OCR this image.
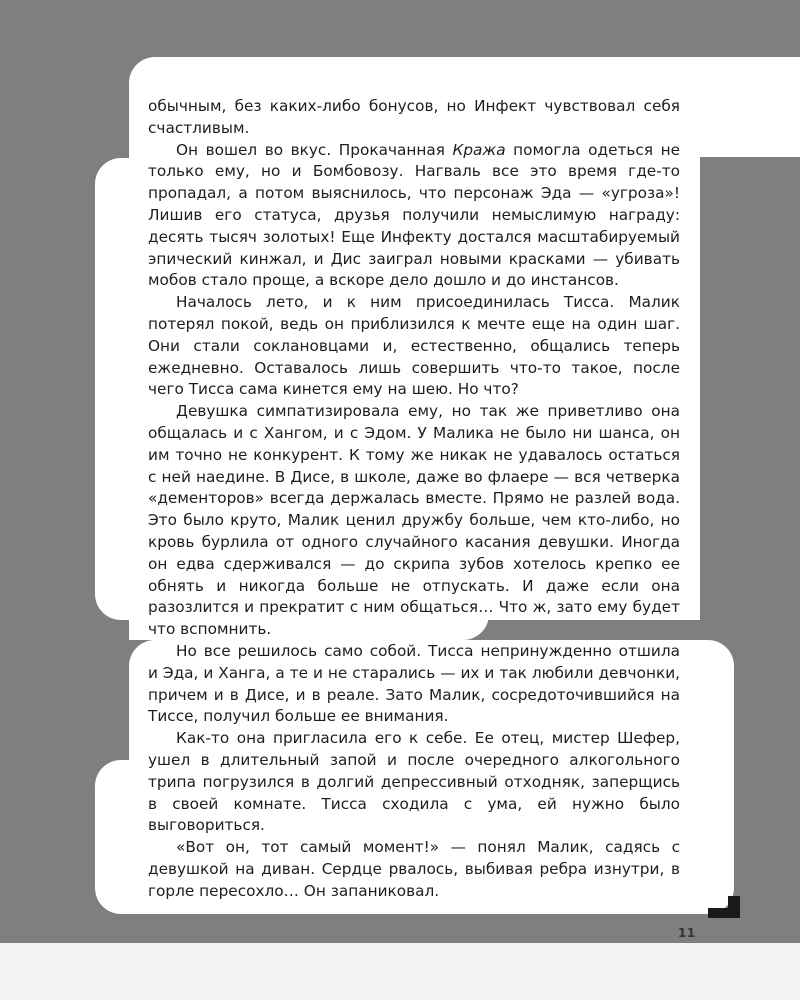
обычным, без каких-либо бонусов, но Инфект чувствовал себя счастливым.

Он вошел во вкус. Прокачанная Кража помогла одеться не только ему, но и Бомбовозу. Нагваль все это время где-то пропадал, а потом выяснилось, что персонаж Эда — «угроза»! Лишив его статуса, друзья получили немыслимую награду: десять тысяч золотых! Еще Инфекту достался масштабируемый эпический кинжал, и Дис заиграл новыми красками — убивать мобов стало проще, а вскоре дело дошло и до инстансов.

Началось лето, и к ним присоединилась Тисса. Малик потерял покой, ведь он приблизился к мечте еще на один шаг. Они стали соклановцами и, естественно, общались теперь ежедневно. Оставалось лишь совершить что-то такое, после чего Тисса сама кинется ему на шею. Но что?

Девушка симпатизировала ему, но так же приветливо она общалась и с Хангом, и с Эдом. У Малика не было ни шанса, он им точно не конкурент. К тому же никак не удавалось остаться с ней наедине. В Дисе, в школе, даже во флаере — вся четверка «дементоров» всегда держалась вместе. Прямо не разлей вода. Это было круто, Малик ценил дружбу больше, чем кто-либо, но кровь бурлила от одного случайного касания девушки. Иногда он едва сдерживался — до скрипа зубов хотелось крепко ее обнять и никогда больше не отпускать. И даже если она разозлится и прекратит с ним общаться… Что ж, зато ему будет что вспомнить.

Но все решилось само собой. Тисса непринужденно отшила и Эда, и Ханга, а те и не старались — их и так любили девчонки, причем и в Дисе, и в реале. Зато Малик, сосредоточившийся на Тиссе, получил больше ее внимания.

Как-то она пригласила его к себе. Ее отец, мистер Шефер, ушел в длительный запой и после очередного алкогольного трипа погрузился в долгий депрессивный отходняк, заперщись в своей комнате. Тисса сходила с ума, ей нужно было выговориться.

«Вот он, тот самый момент!» — понял Малик, садясь с девушкой на диван. Сердце рвалось, выбивая ребра изнутри, в горле пересохло… Он запаниковал.

11
